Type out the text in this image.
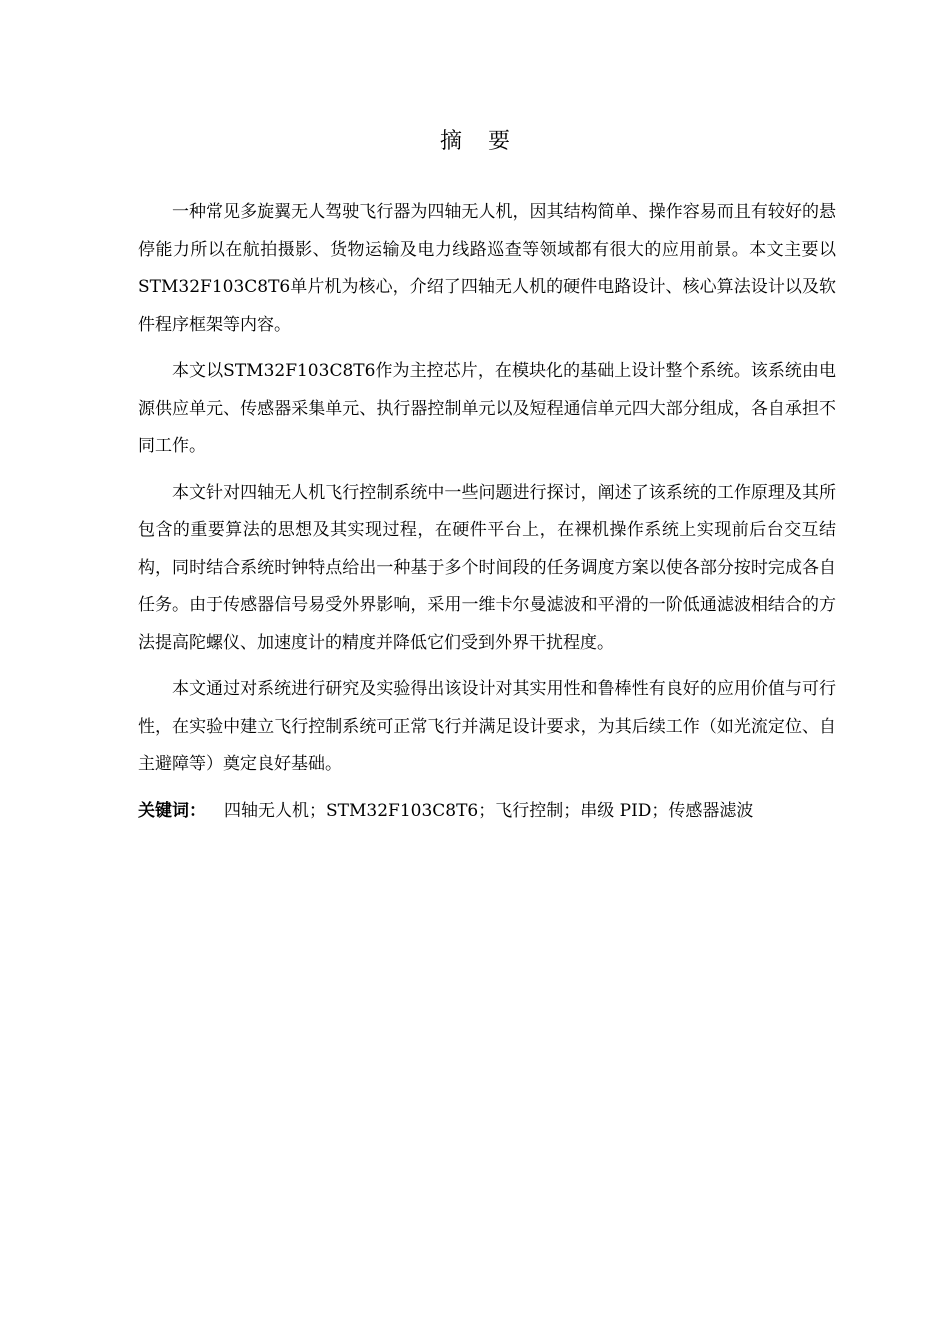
摘 要

一种常见多旋翼无人驾驶飞行器为四轴无人机，因其结构简单、操作容易而且有较好的悬停能力所以在航拍摄影、货物运输及电力线路巡查等领域都有很大的应用前景。本文主要以STM32F103C8T6单片机为核心，介绍了四轴无人机的硬件电路设计、核心算法设计以及软件程序框架等内容。

本文以STM32F103C8T6作为主控芯片，在模块化的基础上设计整个系统。该系统由电源供应单元、传感器采集单元、执行器控制单元以及短程通信单元四大部分组成，各自承担不同工作。

本文针对四轴无人机飞行控制系统中一些问题进行探讨，阐述了该系统的工作原理及其所包含的重要算法的思想及其实现过程，在硬件平台上，在裸机操作系统上实现前后台交互结构，同时结合系统时钟特点给出一种基于多个时间段的任务调度方案以使各部分按时完成各自任务。由于传感器信号易受外界影响，采用一维卡尔曼滤波和平滑的一阶低通滤波相结合的方法提高陀螺仪、加速度计的精度并降低它们受到外界干扰程度。

本文通过对系统进行研究及实验得出该设计对其实用性和鲁棒性有良好的应用价值与可行性，在实验中建立飞行控制系统可正常飞行并满足设计要求，为其后续工作（如光流定位、自主避障等）奠定良好基础。

关键词： 四轴无人机；STM32F103C8T6；飞行控制；串级 PID；传感器滤波
